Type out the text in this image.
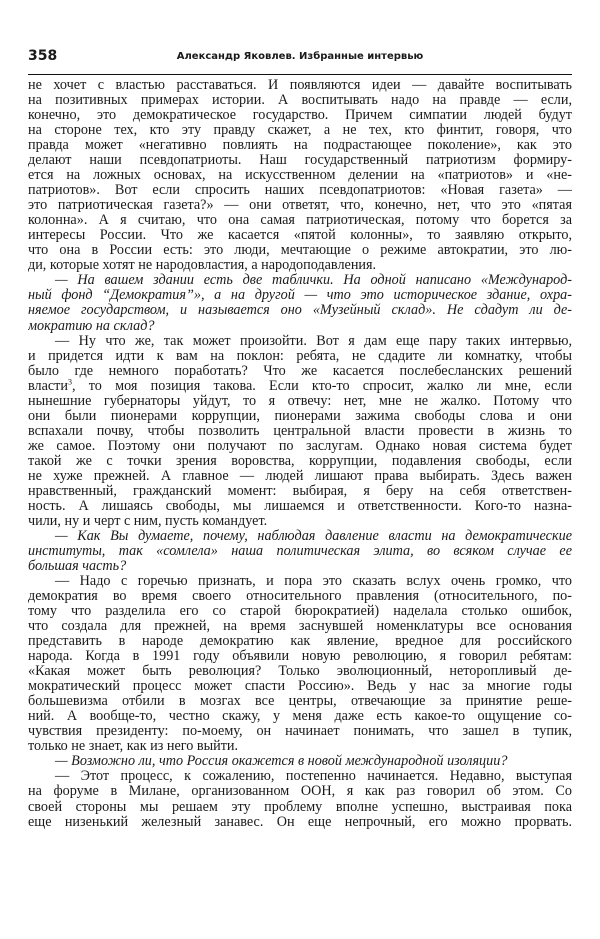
358	Александр Яковлев. Избранные интервью
не хочет с властью расставаться. И появляются идеи — давайте воспитывать
на позитивных примерах истории. А воспитывать надо на правде — если,
конечно, это демократическое государство. Причем симпатии людей будут
на стороне тех, кто эту правду скажет, а не тех, кто финтит, говоря, что
правда может «негативно повлиять на подрастающее поколение», как это
делают наши псевдопатриоты. Наш государственный патриотизм формиру-
ется на ложных основах, на искусственном делении на «патриотов» и «не-
патриотов». Вот если спросить наших псевдопатриотов: «Новая газета» —
это патриотическая газета?» — они ответят, что, конечно, нет, что это «пятая
колонна». А я считаю, что она самая патриотическая, потому что борется за
интересы России. Что же касается «пятой колонны», то заявляю открыто,
что она в России есть: это люди, мечтающие о режиме автократии, это лю-
ди, которые хотят не народовластия, а народоподавления.
— На вашем здании есть две таблички. На одной написано «Международ-
ный фонд “Демократия”», а на другой — что это историческое здание, охра-
няемое государством, и называется оно «Музейный склад». Не сдадут ли де-
мократию на склад?
— Ну что же, так может произойти. Вот я дам еще пару таких интервью,
и придется идти к вам на поклон: ребята, не сдадите ли комнатку, чтобы
было где немного поработать? Что же касается послебесланских решений
власти$^3$, то моя позиция такова. Если кто-то спросит, жалко ли мне, если
нынешние губернаторы уйдут, то я отвечу: нет, мне не жалко. Потому что
они были пионерами коррупции, пионерами зажима свободы слова и они
вспахали почву, чтобы позволить центральной власти провести в жизнь то
же самое. Поэтому они получают по заслугам. Однако новая система будет
такой же с точки зрения воровства, коррупции, подавления свободы, если
не хуже прежней. А главное — людей лишают права выбирать. Здесь важен
нравственный, гражданский момент: выбирая, я беру на себя ответствен-
ность. А лишаясь свободы, мы лишаемся и ответственности. Кого-то назна-
чили, ну и черт с ним, пусть командует.
— Как Вы думаете, почему, наблюдая давление власти на демократические
институты, так «сомлела» наша политическая элита, во всяком случае ее
большая часть?
— Надо с горечью признать, и пора это сказать вслух очень громко, что
демократия во время своего относительного правления (относительного, по-
тому что разделила его со старой бюрократией) наделала столько ошибок,
что создала для прежней, на время заснувшей номенклатуры все основания
представить в народе демократию как явление, вредное для российского
народа. Когда в 1991 году объявили новую революцию, я говорил ребятам:
«Какая может быть революция? Только эволюционный, неторопливый де-
мократический процесс может спасти Россию». Ведь у нас за многие годы
большевизма отбили в мозгах все центры, отвечающие за принятие реше-
ний. А вообще-то, честно скажу, у меня даже есть какое-то ощущение со-
чувствия президенту: по-моему, он начинает понимать, что зашел в тупик,
только не знает, как из него выйти.
— Возможно ли, что Россия окажется в новой международной изоляции?
— Этот процесс, к сожалению, постепенно начинается. Недавно, выступая
на форуме в Милане, организованном ООН, я как раз говорил об этом. Со
своей стороны мы решаем эту проблему вполне успешно, выстраивая пока
еще низенький железный занавес. Он еще непрочный, его можно прорвать.
